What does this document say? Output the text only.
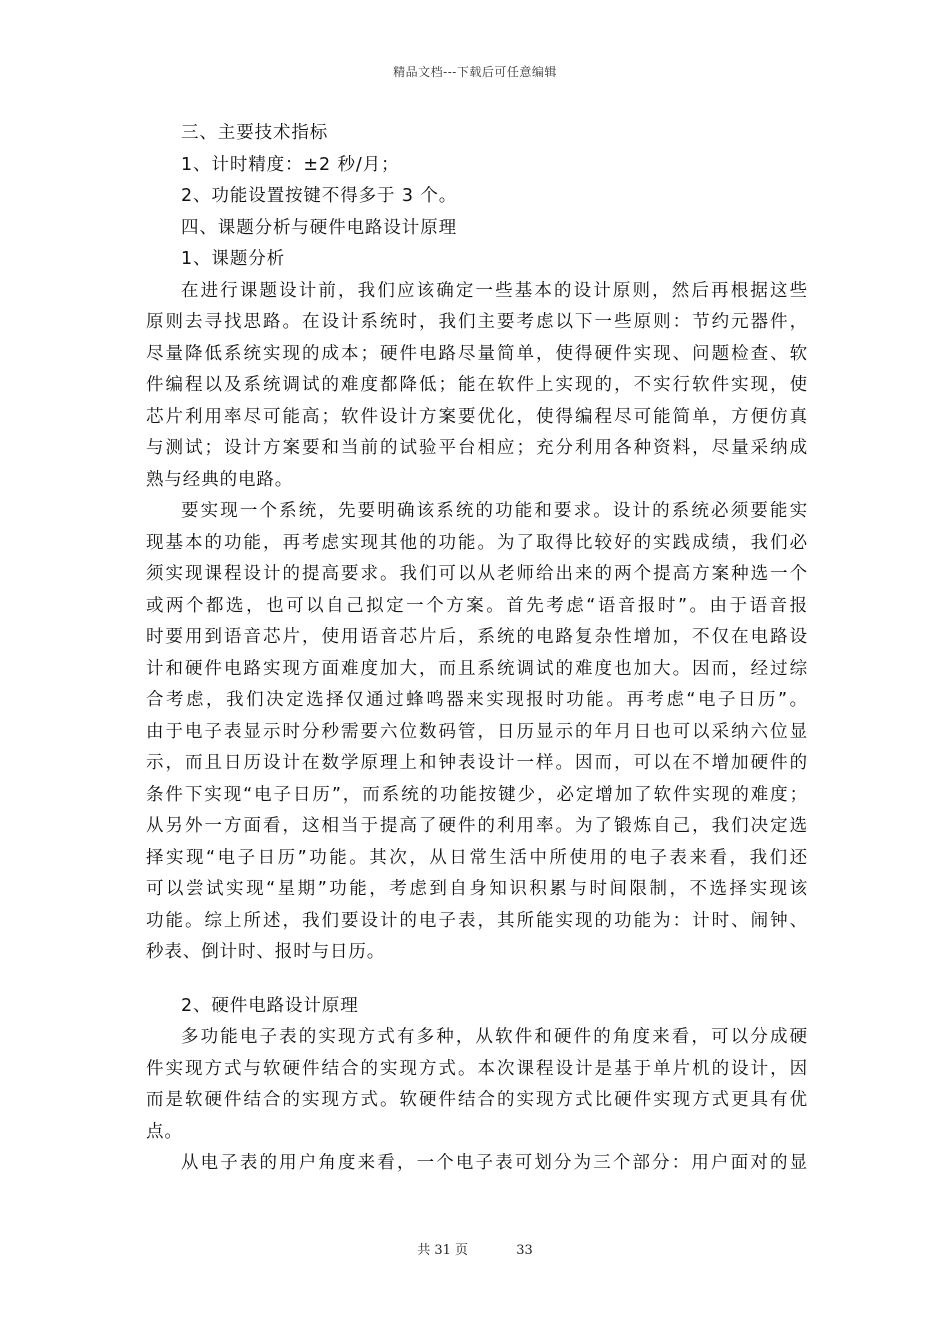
精品文档---下载后可任意编辑
三、主要技术指标
1、计时精度：±2 秒/月；
2、功能设置按键不得多于 3 个。
四、课题分析与硬件电路设计原理
1、课题分析
在进行课题设计前，我们应该确定一些基本的设计原则，然后再根据这些
原则去寻找思路。在设计系统时，我们主要考虑以下一些原则：节约元器件，
尽量降低系统实现的成本；硬件电路尽量简单，使得硬件实现、问题检查、软
件编程以及系统调试的难度都降低；能在软件上实现的，不实行软件实现，使
芯片利用率尽可能高；软件设计方案要优化，使得编程尽可能简单，方便仿真
与测试；设计方案要和当前的试验平台相应；充分利用各种资料，尽量采纳成
熟与经典的电路。
要实现一个系统，先要明确该系统的功能和要求。设计的系统必须要能实
现基本的功能，再考虑实现其他的功能。为了取得比较好的实践成绩，我们必
须实现课程设计的提高要求。我们可以从老师给出来的两个提高方案种选一个
或两个都选，也可以自己拟定一个方案。首先考虑“语音报时”。由于语音报
时要用到语音芯片，使用语音芯片后，系统的电路复杂性增加，不仅在电路设
计和硬件电路实现方面难度加大，而且系统调试的难度也加大。因而，经过综
合考虑，我们决定选择仅通过蜂鸣器来实现报时功能。再考虑“电子日历”。
由于电子表显示时分秒需要六位数码管，日历显示的年月日也可以采纳六位显
示，而且日历设计在数学原理上和钟表设计一样。因而，可以在不增加硬件的
条件下实现“电子日历”，而系统的功能按键少，必定增加了软件实现的难度；
从另外一方面看，这相当于提高了硬件的利用率。为了锻炼自己，我们决定选
择实现“电子日历”功能。其次，从日常生活中所使用的电子表来看，我们还
可以尝试实现“星期”功能，考虑到自身知识积累与时间限制，不选择实现该
功能。综上所述，我们要设计的电子表，其所能实现的功能为：计时、闹钟、
秒表、倒计时、报时与日历。
2、硬件电路设计原理
多功能电子表的实现方式有多种，从软件和硬件的角度来看，可以分成硬
件实现方式与软硬件结合的实现方式。本次课程设计是基于单片机的设计，因
而是软硬件结合的实现方式。软硬件结合的实现方式比硬件实现方式更具有优
点。
从电子表的用户角度来看，一个电子表可划分为三个部分：用户面对的显
共 31 页	33
